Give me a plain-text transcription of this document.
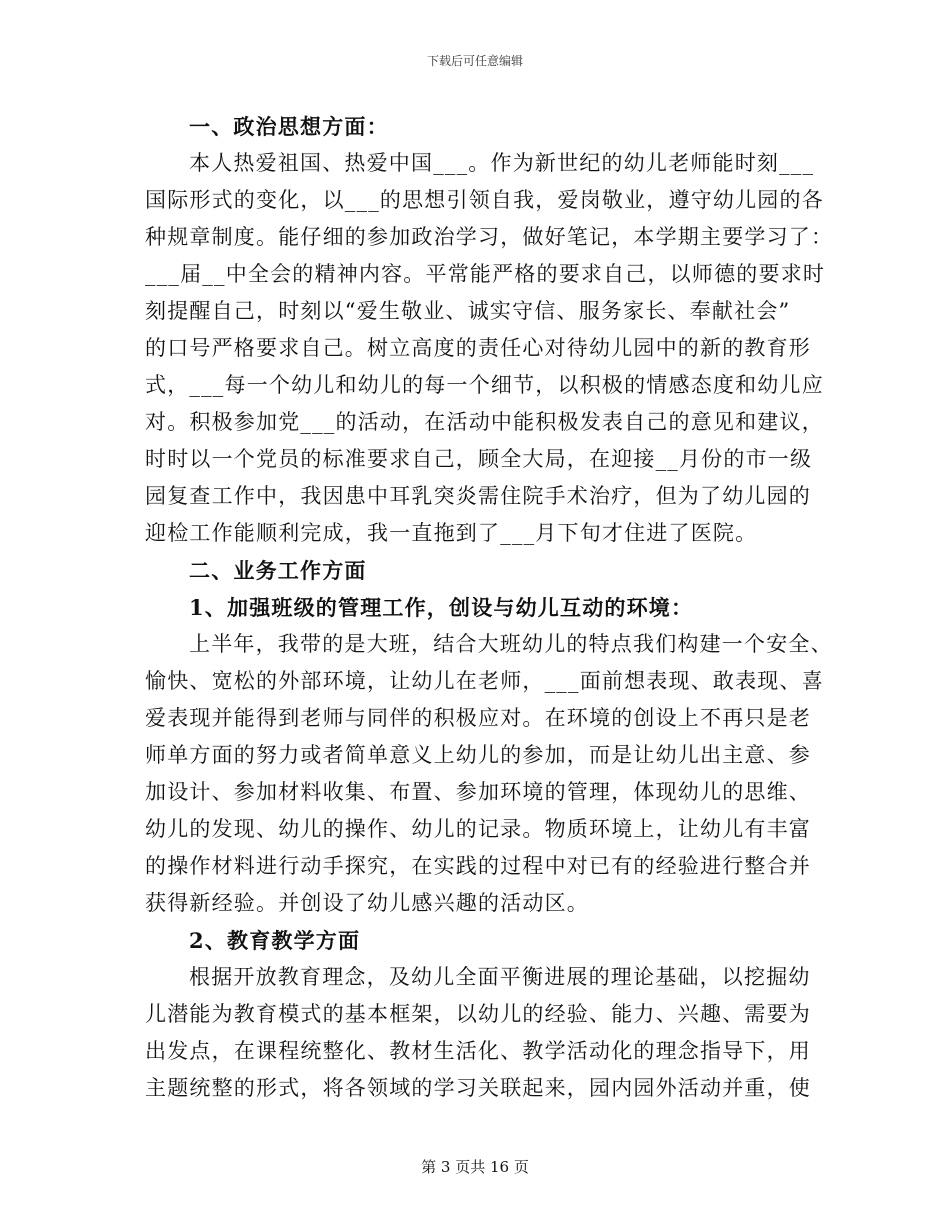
下载后可任意编辑
一、政治思想方面：
本人热爱祖国、热爱中国___。作为新世纪的幼儿老师能时刻___
国际形式的变化，以___的思想引领自我，爱岗敬业，遵守幼儿园的各
种规章制度。能仔细的参加政治学习，做好笔记，本学期主要学习了：
___届__中全会的精神内容。平常能严格的要求自己，以师德的要求时
刻提醒自己，时刻以“爱生敬业、诚实守信、服务家长、奉献社会”
的口号严格要求自己。树立高度的责任心对待幼儿园中的新的教育形
式，___每一个幼儿和幼儿的每一个细节，以积极的情感态度和幼儿应
对。积极参加党___的活动，在活动中能积极发表自己的意见和建议，
时时以一个党员的标准要求自己，顾全大局，在迎接__月份的市一级
园复查工作中，我因患中耳乳突炎需住院手术治疗，但为了幼儿园的
迎检工作能顺利完成，我一直拖到了___月下旬才住进了医院。
二、业务工作方面
1、加强班级的管理工作，创设与幼儿互动的环境：
上半年，我带的是大班，结合大班幼儿的特点我们构建一个安全、
愉快、宽松的外部环境，让幼儿在老师，___面前想表现、敢表现、喜
爱表现并能得到老师与同伴的积极应对。在环境的创设上不再只是老
师单方面的努力或者简单意义上幼儿的参加，而是让幼儿出主意、参
加设计、参加材料收集、布置、参加环境的管理，体现幼儿的思维、
幼儿的发现、幼儿的操作、幼儿的记录。物质环境上，让幼儿有丰富
的操作材料进行动手探究，在实践的过程中对已有的经验进行整合并
获得新经验。并创设了幼儿感兴趣的活动区。
2、教育教学方面
根据开放教育理念，及幼儿全面平衡进展的理论基础，以挖掘幼
儿潜能为教育模式的基本框架，以幼儿的经验、能力、兴趣、需要为
出发点，在课程统整化、教材生活化、教学活动化的理念指导下，用
主题统整的形式，将各领域的学习关联起来，园内园外活动并重，使
第 3 页共 16 页
